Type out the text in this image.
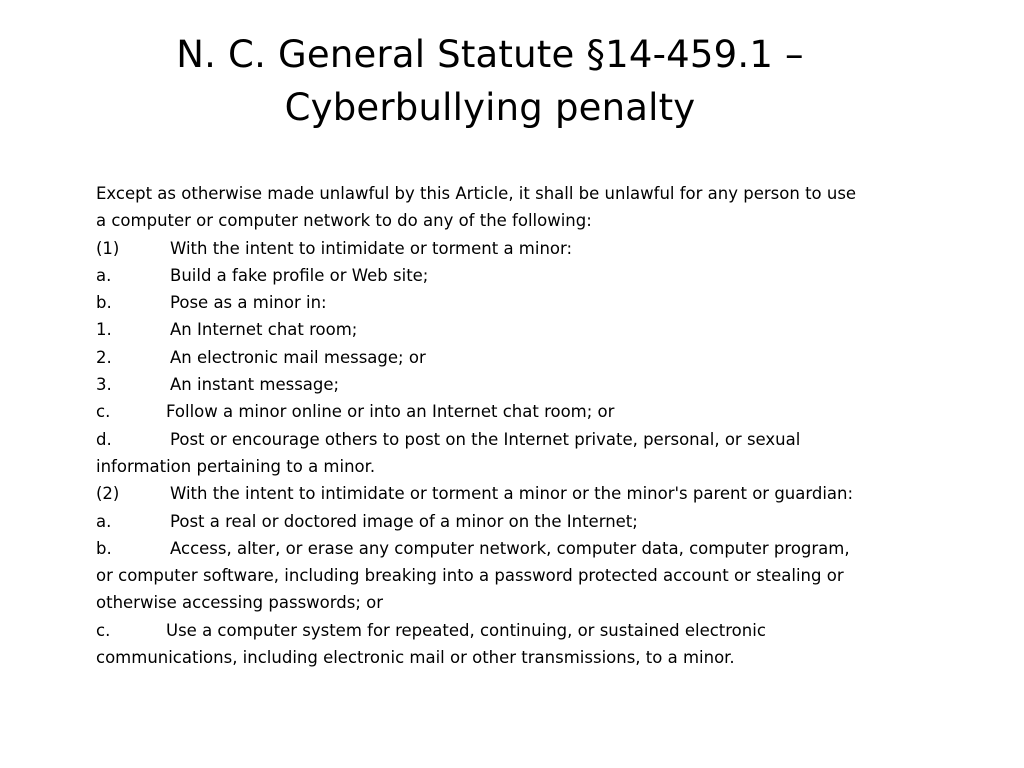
N. C. General Statute §14-459.1 –
Cyberbullying penalty
Except as otherwise made unlawful by this Article, it shall be unlawful for any person to use
a computer or computer network to do any of the following:
(1)	With the intent to intimidate or torment a minor:
a.	Build a fake profile or Web site;
b.	Pose as a minor in:
1.	An Internet chat room;
2.	An electronic mail message; or
3.	An instant message;
c.	Follow a minor online or into an Internet chat room; or
d.	Post or encourage others to post on the Internet private, personal, or sexual
information pertaining to a minor.
(2)	With the intent to intimidate or torment a minor or the minor's parent or guardian:
a.	Post a real or doctored image of a minor on the Internet;
b.	Access, alter, or erase any computer network, computer data, computer program,
or computer software, including breaking into a password protected account or stealing or
otherwise accessing passwords; or
c.	Use a computer system for repeated, continuing, or sustained electronic
communications, including electronic mail or other transmissions, to a minor.
